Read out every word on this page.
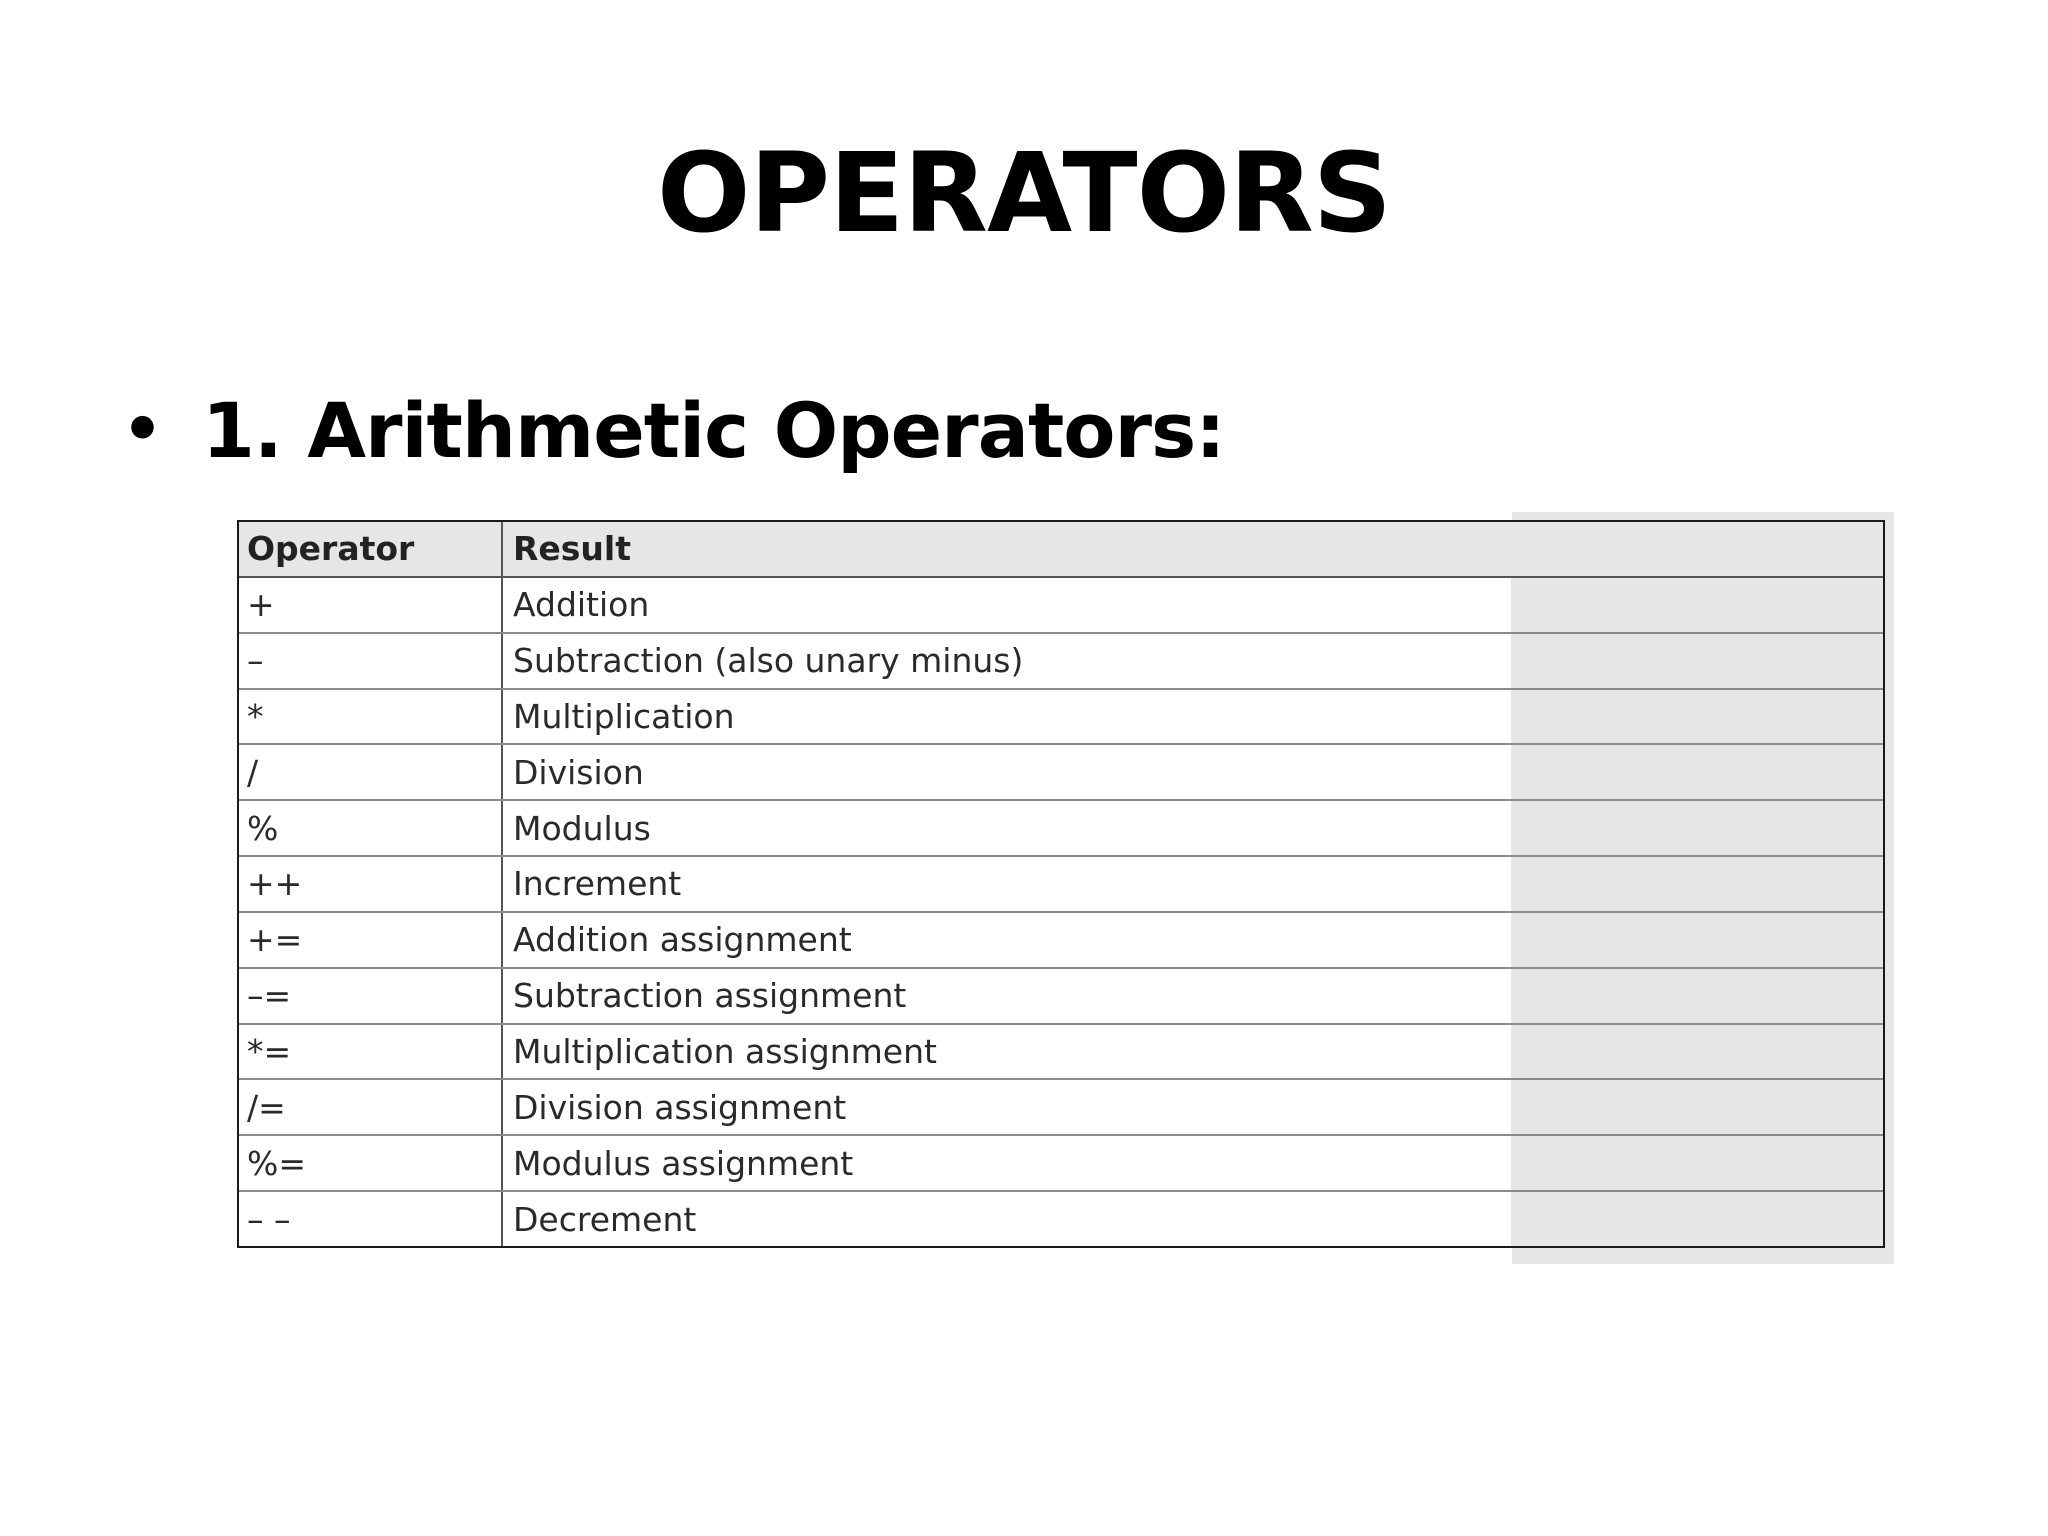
OPERATORS
• 1. Arithmetic Operators:
Operator	Result
+	Addition
–	Subtraction (also unary minus)
*	Multiplication
/	Division
%	Modulus
++	Increment
+=	Addition assignment
–=	Subtraction assignment
*=	Multiplication assignment
/=	Division assignment
%=	Modulus assignment
– –	Decrement
